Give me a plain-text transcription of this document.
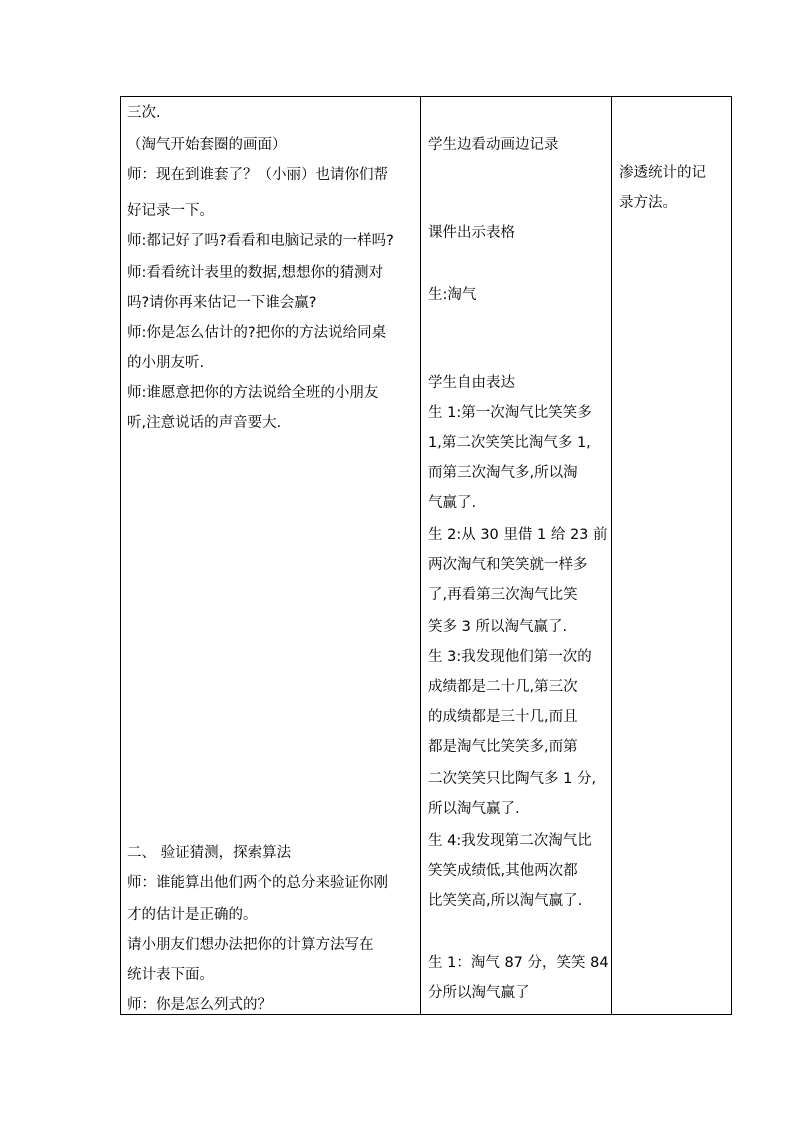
三次.
（淘气开始套圈的画面）
师：现在到谁套了？（小丽）也请你们帮
好记录一下。
师:都记好了吗?看看和电脑记录的一样吗?
师:看看统计表里的数据,想想你的猜测对
吗?请你再来估记一下谁会赢?
师:你是怎么估计的?把你的方法说给同桌
的小朋友听.
师:谁愿意把你的方法说给全班的小朋友
听,注意说话的声音要大.
二、 验证猜测，探索算法
师：谁能算出他们两个的总分来验证你刚
才的估计是正确的。
请小朋友们想办法把你的计算方法写在
统计表下面。
师：你是怎么列式的？
学生边看动画边记录
课件出示表格
生:淘气
学生自由表达
生 1:第一次淘气比笑笑多
1,第二次笑笑比淘气多 1,
而第三次淘气多,所以淘
气赢了.
生 2:从 30 里借 1 给 23 前
两次淘气和笑笑就一样多
了,再看第三次淘气比笑
笑多 3 所以淘气赢了.
生 3:我发现他们第一次的
成绩都是二十几,第三次
的成绩都是三十几,而且
都是淘气比笑笑多,而第
二次笑笑只比陶气多 1 分,
所以淘气赢了.
生 4:我发现第二次淘气比
笑笑成绩低,其他两次都
比笑笑高,所以淘气赢了.
生 1：淘气 87 分，笑笑 84
分所以淘气赢了
渗透统计的记
录方法。
